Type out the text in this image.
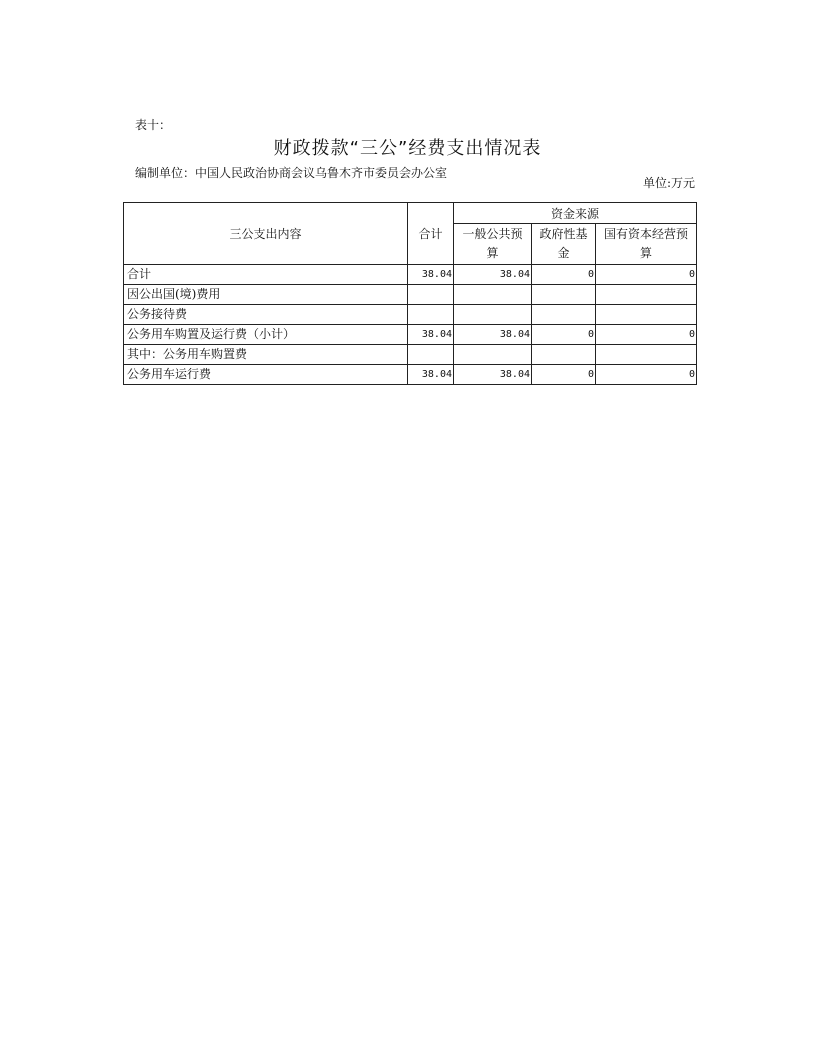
表十：
财政拨款“三公”经费支出情况表
编制单位：中国人民政治协商会议乌鲁木齐市委员会办公室
单位:万元
三公支出内容	合计	资金来源		
		一般公共预算	政府性基金	国有资本经营预算
合计	38.04	38.04	0	0
因公出国(境)费用				
公务接待费				
公务用车购置及运行费（小计）	38.04	38.04	0	0
其中：公务用车购置费				
公务用车运行费	38.04	38.04	0	0
